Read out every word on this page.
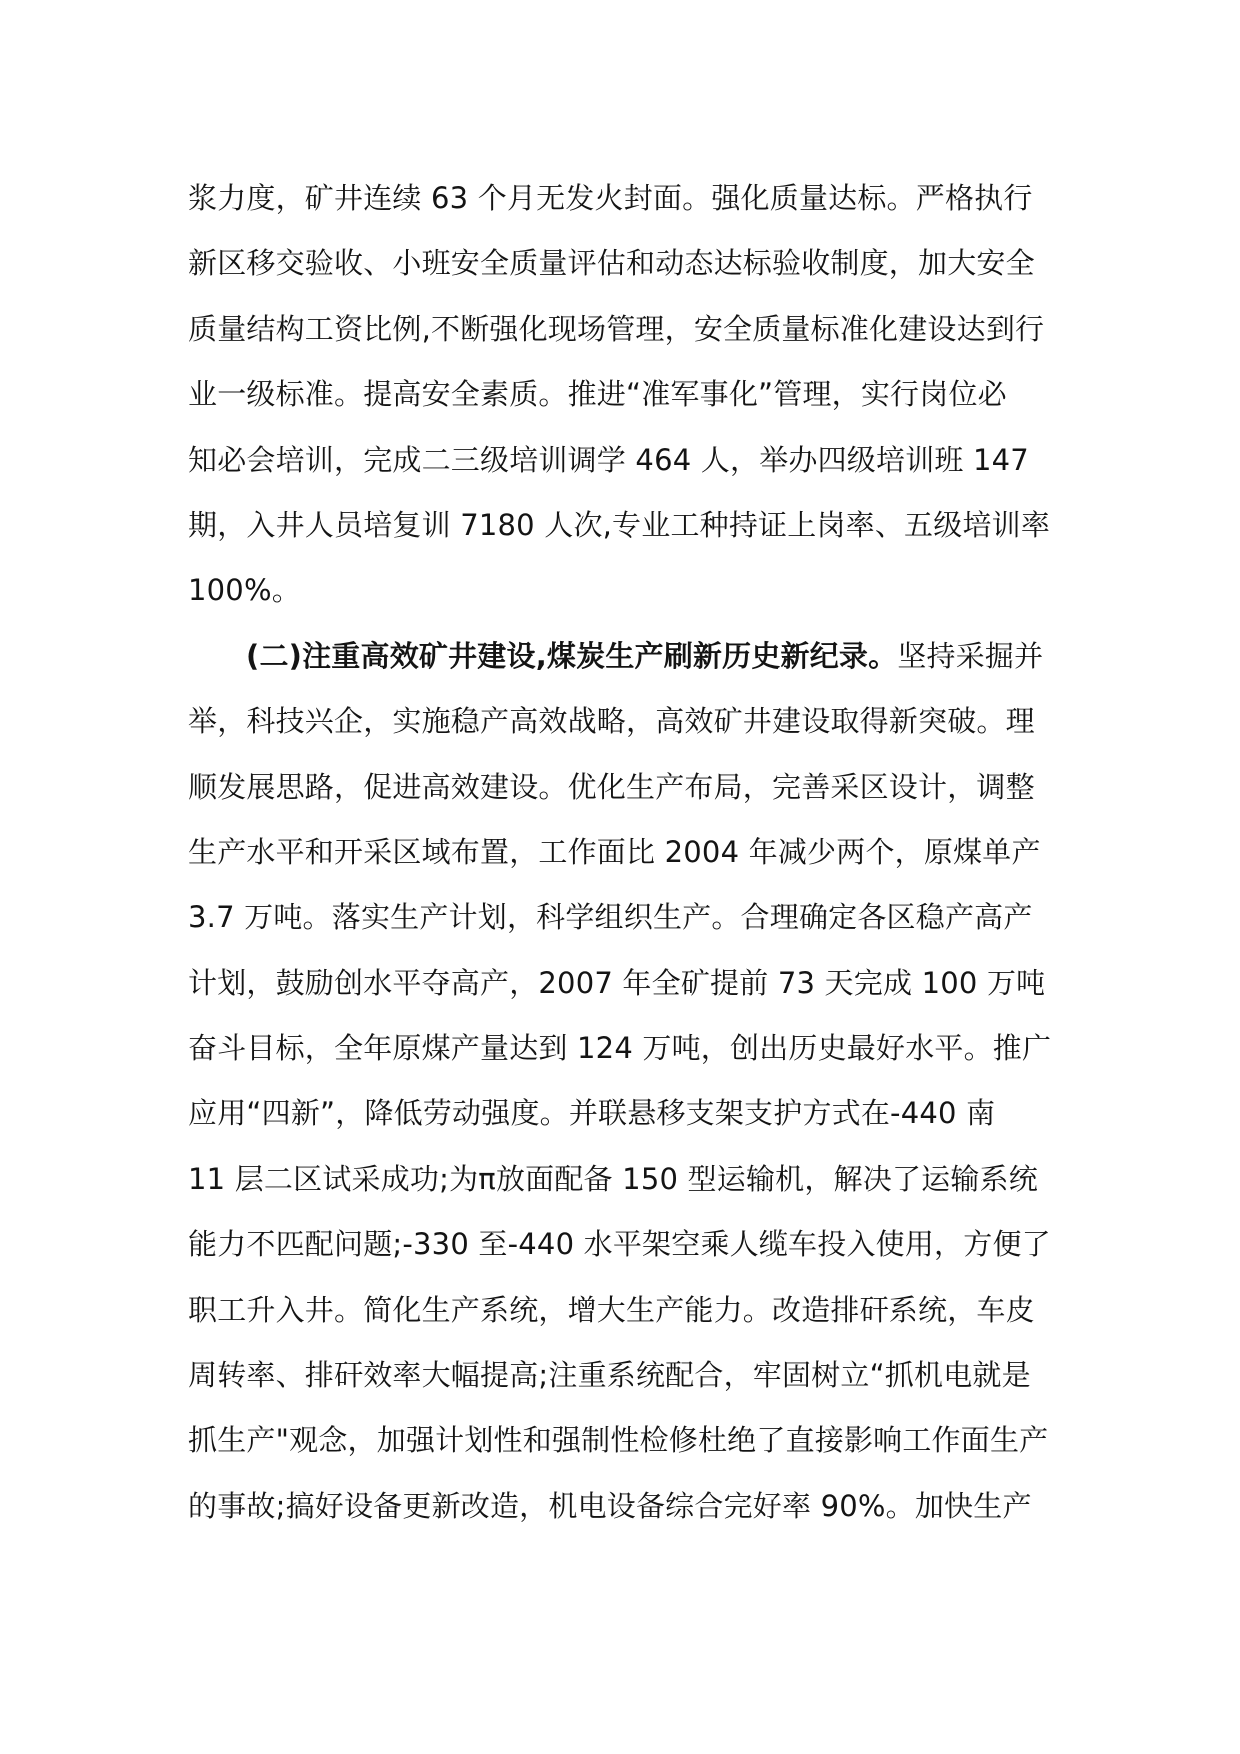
浆力度，矿井连续 63 个月无发火封面。强化质量达标。严格执行
新区移交验收、小班安全质量评估和动态达标验收制度，加大安全
质量结构工资比例,不断强化现场管理，安全质量标准化建设达到行
业一级标准。提高安全素质。推进“准军事化”管理，实行岗位必
知必会培训，完成二三级培训调学 464 人，举办四级培训班 147
期，入井人员培复训 7180 人次,专业工种持证上岗率、五级培训率
100%。
(二)注重高效矿井建设,煤炭生产刷新历史新纪录。坚持采掘并
举，科技兴企，实施稳产高效战略，高效矿井建设取得新突破。理
顺发展思路，促进高效建设。优化生产布局，完善采区设计，调整
生产水平和开采区域布置，工作面比 2004 年减少两个，原煤单产
3.7 万吨。落实生产计划，科学组织生产。合理确定各区稳产高产
计划，鼓励创水平夺高产，2007 年全矿提前 73 天完成 100 万吨
奋斗目标，全年原煤产量达到 124 万吨，创出历史最好水平。推广
应用“四新”，降低劳动强度。并联悬移支架支护方式在-440 南
11 层二区试采成功;为π放面配备 150 型运输机，解决了运输系统
能力不匹配问题;-330 至-440 水平架空乘人缆车投入使用，方便了
职工升入井。简化生产系统，增大生产能力。改造排矸系统，车皮
周转率、排矸效率大幅提高;注重系统配合，牢固树立“抓机电就是
抓生产"观念，加强计划性和强制性检修杜绝了直接影响工作面生产
的事故;搞好设备更新改造，机电设备综合完好率 90%。加快生产
